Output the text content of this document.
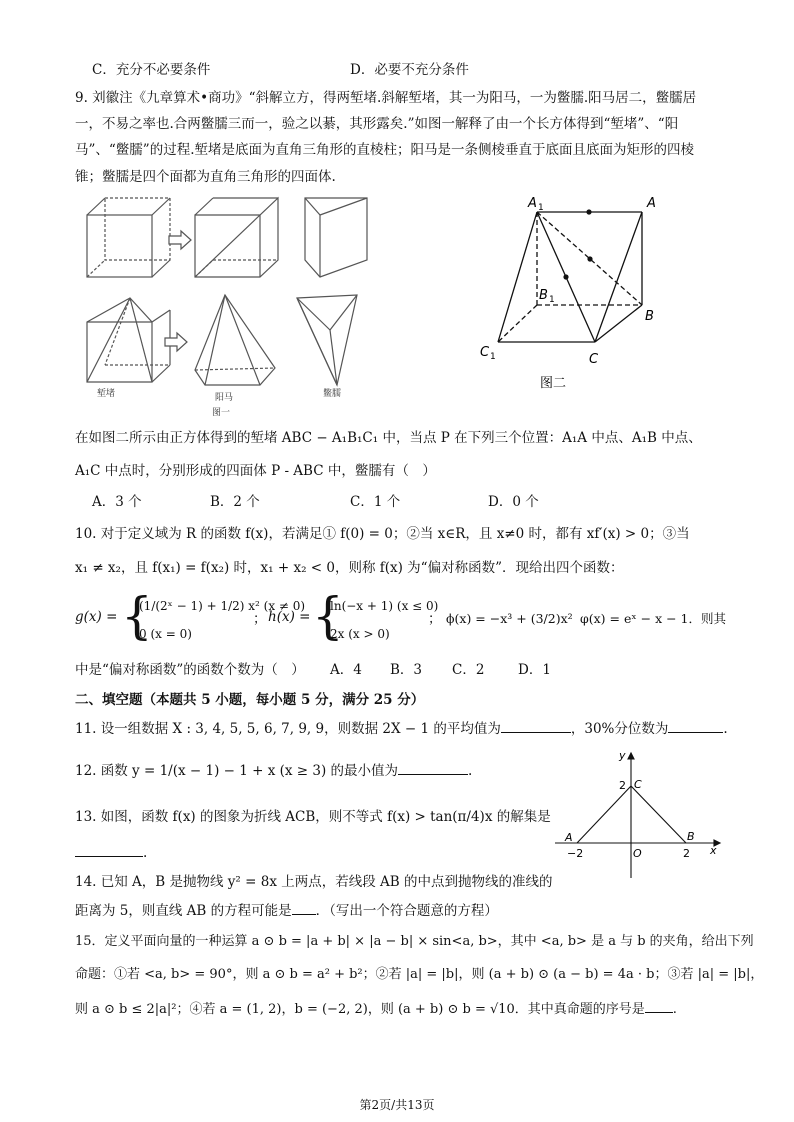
C．充分不必要条件	D．必要不充分条件
9. 刘徽注《九章算术•商功》“斜解立方，得两堑堵.斜解堑堵，其一为阳马，一为鳖臑.阳马居二，鳖臑居
一，不易之率也.合两鳖臑三而一，验之以綦，其形露矣.”如图一解释了由一个长方体得到“堑堵”、“阳
马”、“鳖臑”的过程.堑堵是底面为直角三角形的直棱柱；阳马是一条侧棱垂直于底面且底面为矩形的四棱
锥；鳖臑是四个面都为直角三角形的四面体.
堑堵	阳马	鳖臑
图一
A 1	A
B 1
B
C 1	C
图二
在如图二所示由正方体得到的堑堵 ABC − A₁B₁C₁ 中，当点 P 在下列三个位置：A₁A 中点、A₁B 中点、
A₁C 中点时，分别形成的四面体 P - ABC 中，鳖臑有（　）
A．3 个	B．2 个	C．1 个	D．0 个
10. 对于定义域为 R 的函数 f(x)，若满足① f(0) = 0；②当 x∈R，且 x≠0 时，都有 xf′(x) > 0；③当
x₁ ≠ x₂，且 f(x₁) = f(x₂) 时，x₁ + x₂ < 0，则称 f(x) 为“偏对称函数”．现给出四个函数：
g(x) = {
(1/(2ˣ − 1) + 1/2) x² (x ≠ 0)
0 (x = 0)
； h(x) = {
ln(−x + 1) (x ≤ 0)
2x (x > 0)
； ϕ(x) = −x³ + (3/2)x² φ(x) = eˣ − x − 1．则其
中是“偏对称函数”的函数个数为（　） A．4 B．3 C．2 D．1
二、填空题（本题共 5 小题，每小题 5 分，满分 25 分）
11. 设一组数据 X : 3, 4, 5, 5, 6, 7, 9, 9，则数据 2X − 1 的平均值为	，30%分位数为	.
12. 函数 y = 1/(x − 1) − 1 + x (x ≥ 3) 的最小值为	.
13. 如图，函数 f(x) 的图象为折线 ACB，则不等式 f(x) > tan(π/4)x 的解集是
.
y
x
2 C
A	B
−2	O	2
14. 已知 A，B 是抛物线 y² = 8x 上两点，若线段 AB 的中点到抛物线的准线的
距离为 5，则直线 AB 的方程可能是 ．（写出一个符合题意的方程）
15．定义平面向量的一种运算 a ⊙ b = |a + b| × |a − b| × sin<a, b>，其中 <a, b> 是 a 与 b 的夹角，给出下列
命题：①若 <a, b> = 90°，则 a ⊙ b = a² + b²；②若 |a| = |b|，则 (a + b) ⊙ (a − b) = 4a · b；③若 |a| = |b|，
则 a ⊙ b ≤ 2|a|²；④若 a = (1, 2)，b = (−2, 2)，则 (a + b) ⊙ b = √10．其中真命题的序号是 .
第2页/共13页
